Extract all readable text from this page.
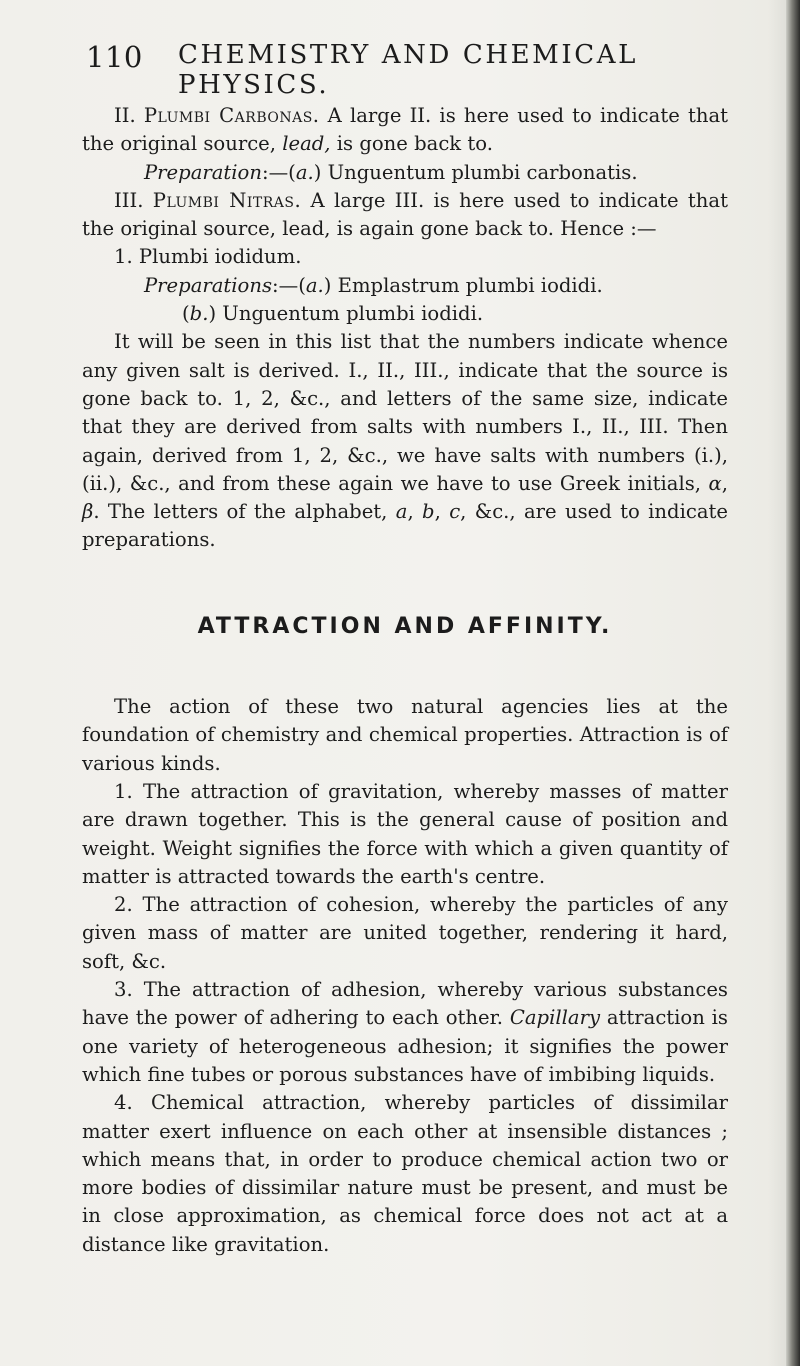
110 CHEMISTRY AND CHEMICAL PHYSICS.

II. Plumbi Carbonas. A large II. is here used to indicate that the original source, lead, is gone back to.

Preparation:—(a.) Unguentum plumbi carbonatis.

III. Plumbi Nitras. A large III. is here used to indicate that the original source, lead, is again gone back to. Hence :—

1. Plumbi iodidum.

Preparations:—(a.) Emplastrum plumbi iodidi.

(b.) Unguentum plumbi iodidi.

It will be seen in this list that the numbers indicate whence any given salt is derived. I., II., III., indicate that the source is gone back to. 1, 2, &c., and letters of the same size, indicate that they are derived from salts with numbers I., II., III. Then again, derived from 1, 2, &c., we have salts with numbers (i.), (ii.), &c., and from these again we have to use Greek initials, α, β. The letters of the alphabet, a, b, c, &c., are used to indicate preparations.

ATTRACTION AND AFFINITY.

The action of these two natural agencies lies at the foundation of chemistry and chemical properties. Attraction is of various kinds.

1. The attraction of gravitation, whereby masses of matter are drawn together. This is the general cause of position and weight. Weight signifies the force with which a given quantity of matter is attracted towards the earth's centre.

2. The attraction of cohesion, whereby the particles of any given mass of matter are united together, rendering it hard, soft, &c.

3. The attraction of adhesion, whereby various substances have the power of adhering to each other. Capillary attraction is one variety of heterogeneous adhesion; it signifies the power which fine tubes or porous substances have of imbibing liquids.

4. Chemical attraction, whereby particles of dissimilar matter exert influence on each other at insensible distances ; which means that, in order to produce chemical action two or more bodies of dissimilar nature must be present, and must be in close approximation, as chemical force does not act at a distance like gravitation.
